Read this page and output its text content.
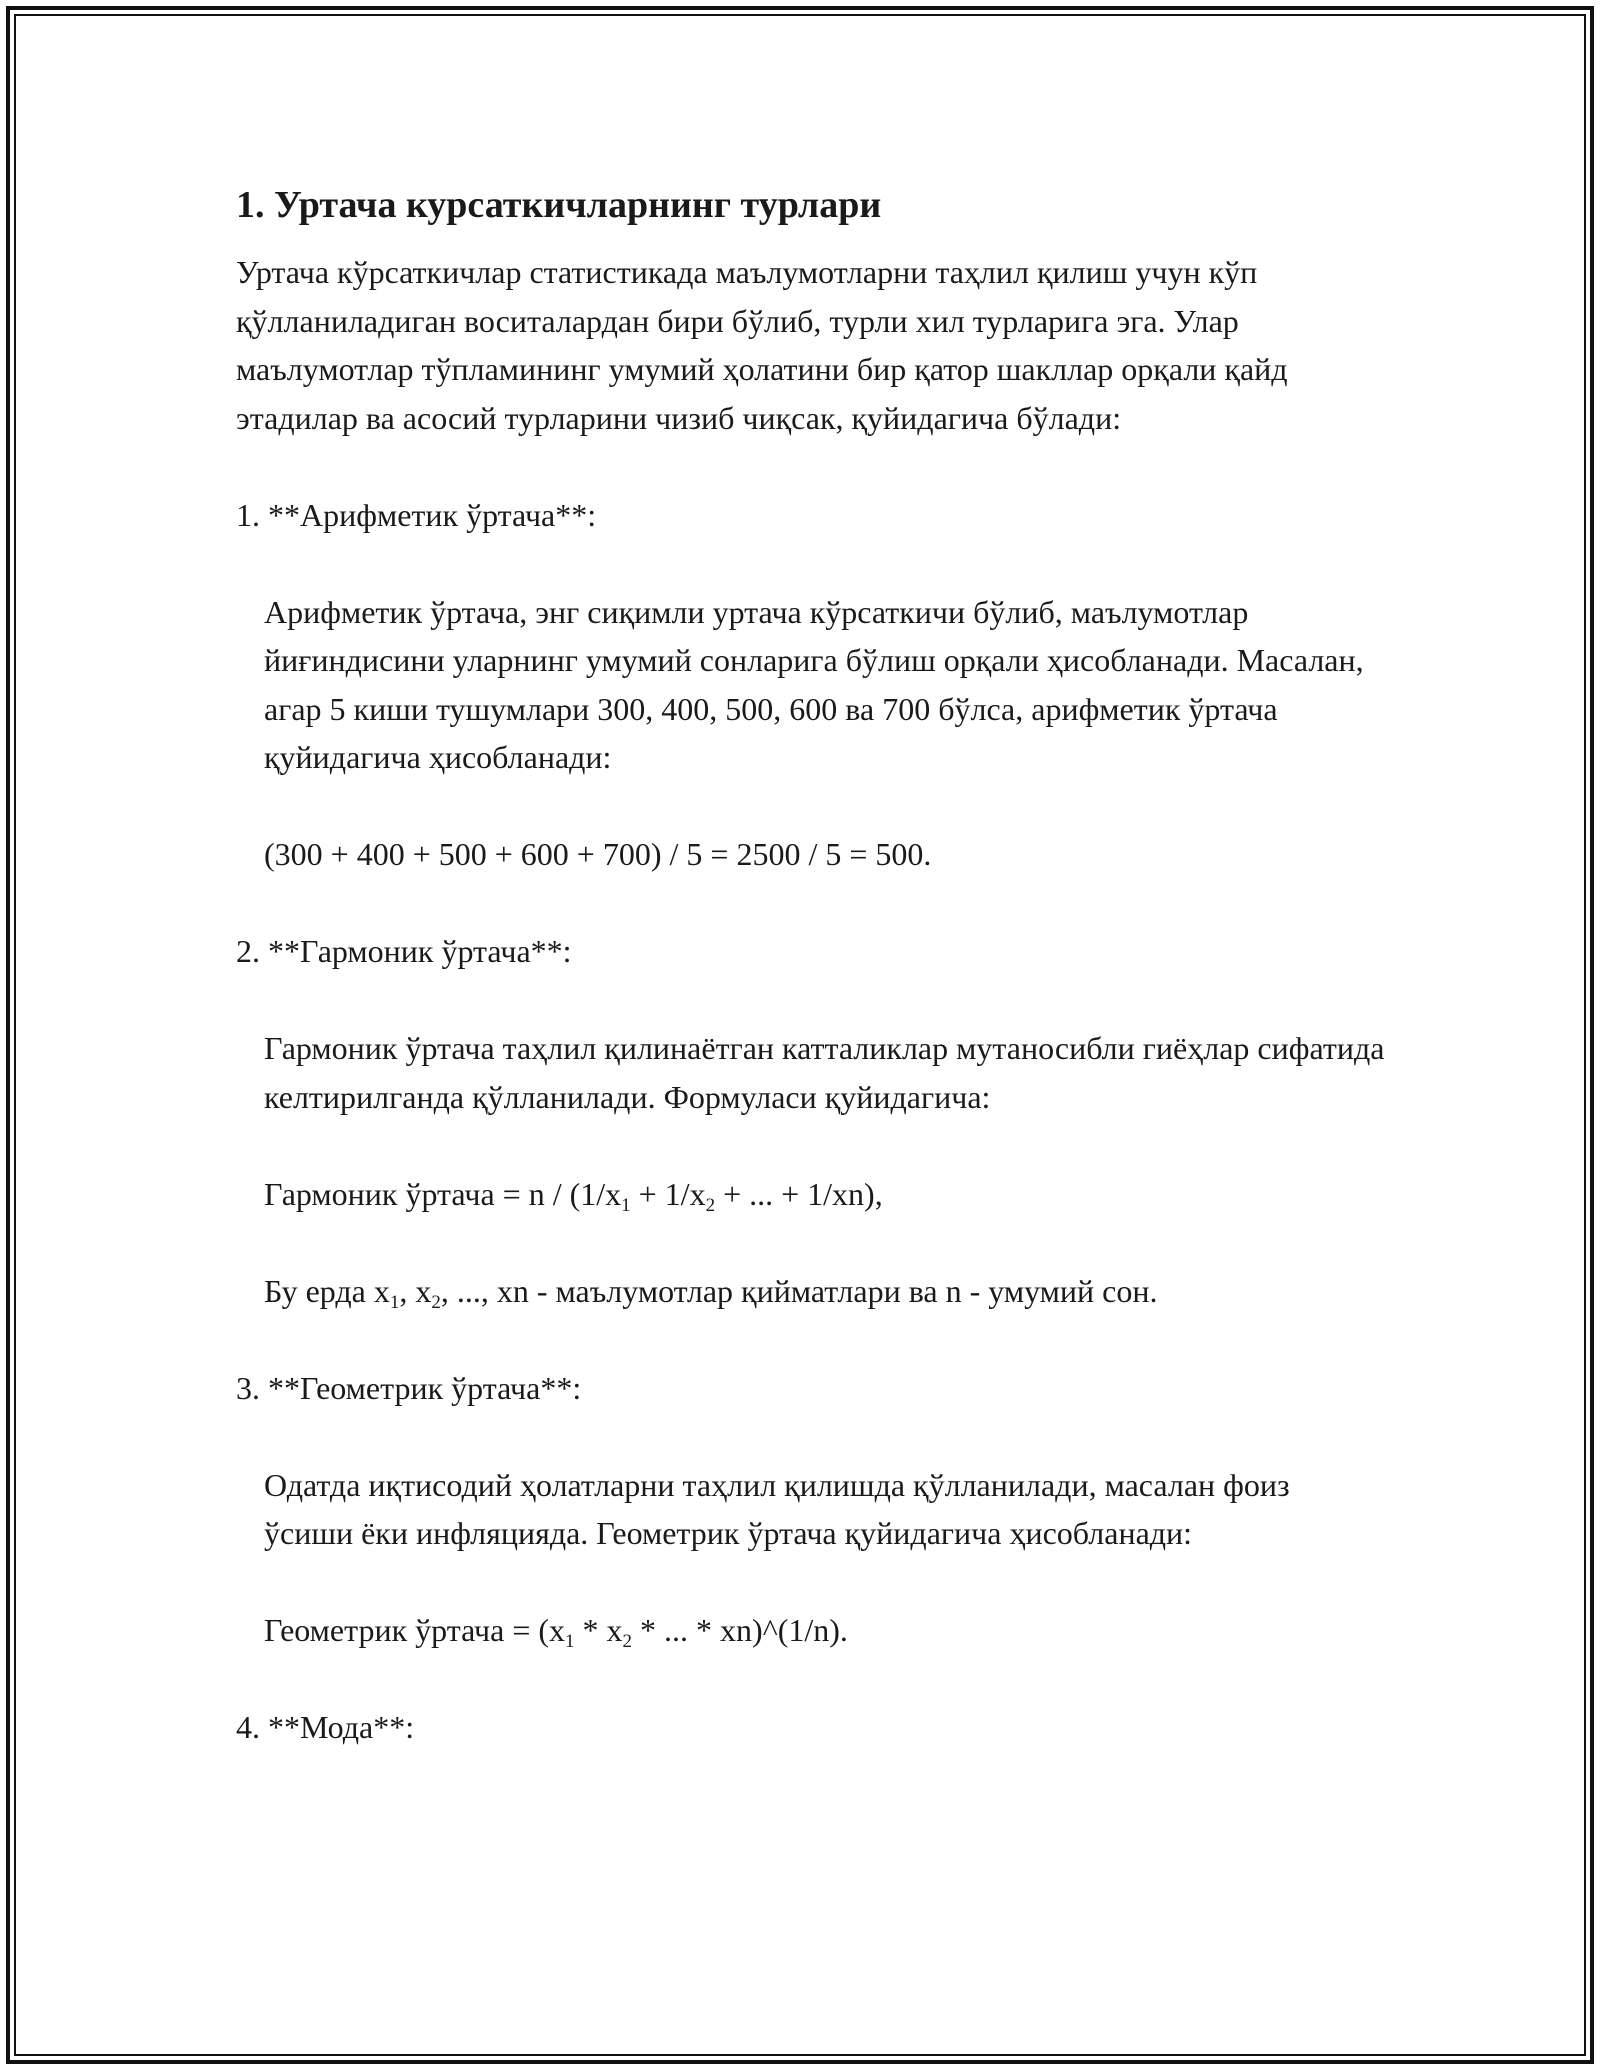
1. Уртача курсаткичларнинг турлари

Уртача кўрсаткичлар статистикада маълумотларни таҳлил қилиш учун кўп қўлланиладиган воситалардан бири бўлиб, турли хил турларига эга. Улар маълумотлар тўпламининг умумий ҳолатини бир қатор шакллар орқали қайд этадилар ва асосий турларини чизиб чиқсак, қуйидагича бўлади:

1. **Арифметик ўртача**:

Арифметик ўртача, энг сиқимли уртача кўрсаткичи бўлиб, маълумотлар йиғиндисини уларнинг умумий сонларига бўлиш орқали ҳисобланади. Масалан, агар 5 киши тушумлари 300, 400, 500, 600 ва 700 бўлса, арифметик ўртача қуйидагича ҳисобланади:

(300 + 400 + 500 + 600 + 700) / 5 = 2500 / 5 = 500.

2. **Гармоник ўртача**:

Гармоник ўртача таҳлил қилинаётган катталиклар мутаносибли гиёҳлар сифатида келтирилганда қўлланилади. Формуласи қуйидагича:

Гармоник ўртача = $n / (1/x_1 + 1/x_2$ + ... + 1/xn),

Бу ерда $x_1$, $x_2$, ..., xn - маълумотлар қийматлари ва n - умумий сон.

3. **Геометрик ўртача**:

Одатда иқтисодий ҳолатларни таҳлил қилишда қўлланилади, масалан фоиз ўсиши ёки инфляцияда. Геометрик ўртача қуйидагича ҳисобланади:

Геометрик ўртача = ($x_1 * x_2$ * ... * xn)^(1/n).

4. **Мода**:
